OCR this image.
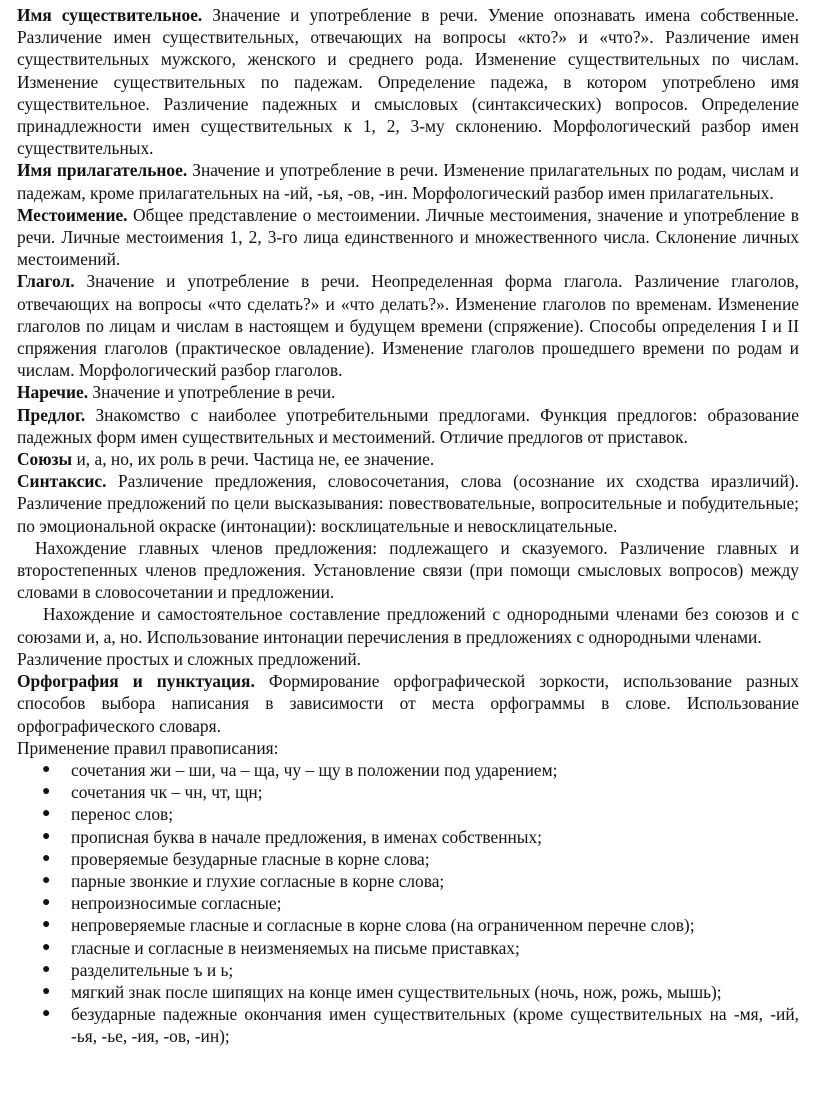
Имя существительное. Значение и употребление в речи. Умение опознавать имена собственные. Различение имен существительных, отвечающих на вопросы «кто?» и «что?». Различение имен существительных мужского, женского и среднего рода. Изменение существительных по числам. Изменение существительных по падежам. Определение падежа, в котором употреблено имя существительное. Различение падежных и смысловых (синтаксических) вопросов. Определение принадлежности имен существительных к 1, 2, 3-му склонению. Морфологический разбор имен существительных.

Имя прилагательное. Значение и употребление в речи. Изменение прилагательных по родам, числам и падежам, кроме прилагательных на -ий, -ья, -ов, -ин. Морфологический разбор имен прилагательных.

Местоимение. Общее представление о местоимении. Личные местоимения, значение и употребление в речи. Личные местоимения 1, 2, 3-го лица единственного и множественного числа. Склонение личных местоимений.

Глагол. Значение и употребление в речи. Неопределенная форма глагола. Различение глаголов, отвечающих на вопросы «что сделать?» и «что делать?». Изменение глаголов по временам. Изменение глаголов по лицам и числам в настоящем и будущем времени (спряжение). Способы определения I и II спряжения глаголов (практическое овладение). Изменение глаголов прошедшего времени по родам и числам. Морфологический разбор глаголов.

Наречие. Значение и употребление в речи.

Предлог. Знакомство с наиболее употребительными предлогами. Функция предлогов: образование падежных форм имен существительных и местоимений. Отличие предлогов от приставок.

Союзы и, а, но, их роль в речи. Частица не, ее значение.

Синтаксис. Различение предложения, словосочетания, слова (осознание их сходства иразличий). Различение предложений по цели высказывания: повествовательные, вопросительные и побудительные; по эмоциональной окраске (интонации): восклицательные и невосклицательные.

Нахождение главных членов предложения: подлежащего и сказуемого. Различение главных и второстепенных членов предложения. Установление связи (при помощи смысловых вопросов) между словами в словосочетании и предложении.

Нахождение и самостоятельное составление предложений с однородными членами без союзов и с союзами и, а, но. Использование интонации перечисления в предложениях с однородными членами.

Различение простых и сложных предложений.

Орфография и пунктуация. Формирование орфографической зоркости, использование разных способов выбора написания в зависимости от места орфограммы в слове. Использование орфографического словаря.

Применение правил правописания:

● сочетания жи – ши, ча – ща, чу – щу в положении под ударением;
● сочетания чк – чн, чт, щн;
● перенос слов;
● прописная буква в начале предложения, в именах собственных;
● проверяемые безударные гласные в корне слова;
● парные звонкие и глухие согласные в корне слова;
● непроизносимые согласные;
● непроверяемые гласные и согласные в корне слова (на ограниченном перечне слов);
● гласные и согласные в неизменяемых на письме приставках;
● разделительные ъ и ь;
● мягкий знак после шипящих на конце имен существительных (ночь, нож, рожь, мышь);
● безударные падежные окончания имен существительных (кроме существительных на -мя, -ий, -ья, -ье, -ия, -ов, -ин);
